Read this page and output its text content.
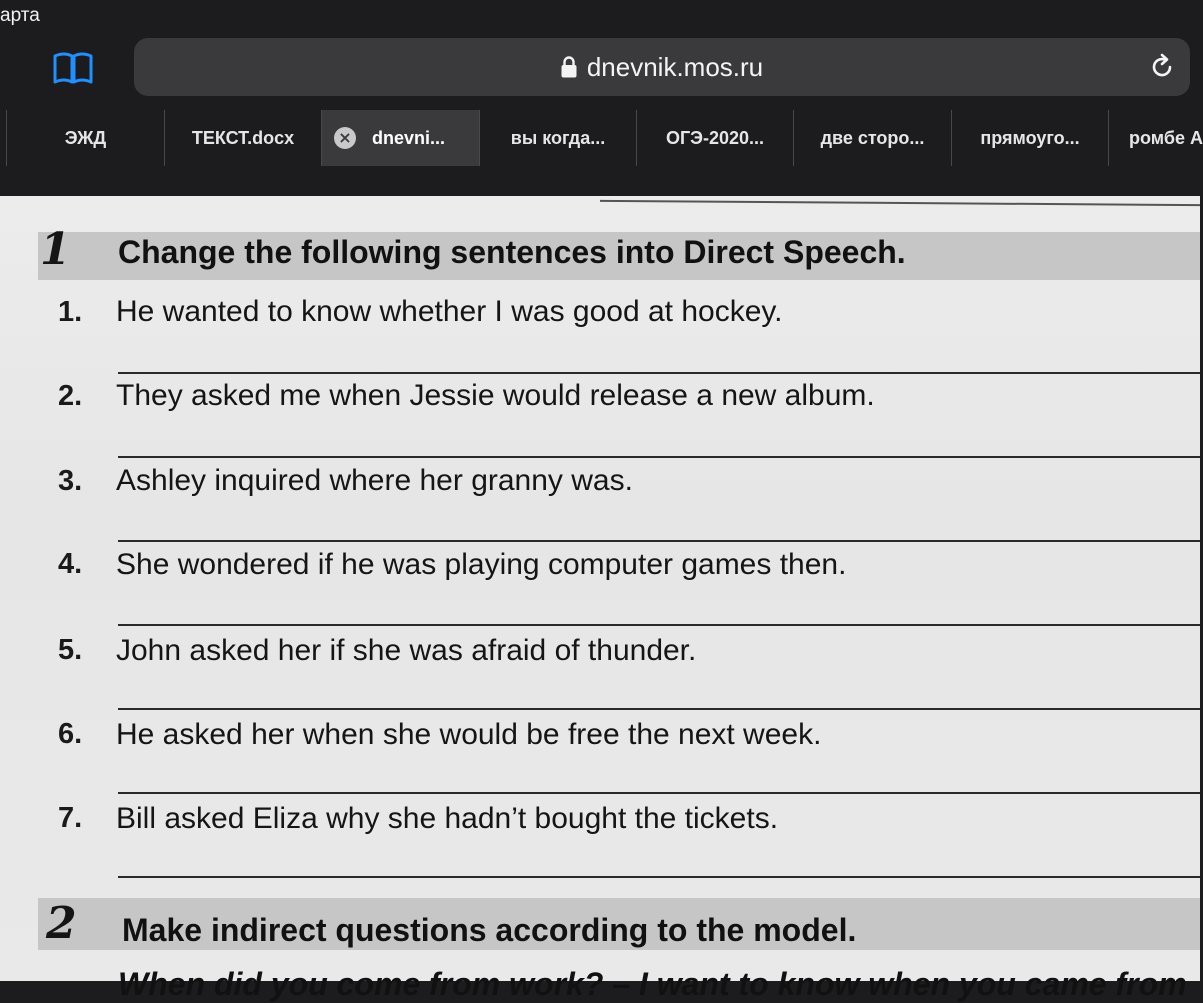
арта
dnevnik.mos.ru
ЭЖД	ТЕКСТ.docx	× dnevni...	вы когда...	ОГЭ-2020...	две сторо...	прямоуго...	ромбе А
1 Change the following sentences into Direct Speech.
1. He wanted to know whether I was good at hockey.
2. They asked me when Jessie would release a new album.
3. Ashley inquired where her granny was.
4. She wondered if he was playing computer games then.
5. John asked her if she was afraid of thunder.
6. He asked her when she would be free the next week.
7. Bill asked Eliza why she hadn’t bought the tickets.
2 Make indirect questions according to the model.
When did you come from work? – I want to know when you came from
